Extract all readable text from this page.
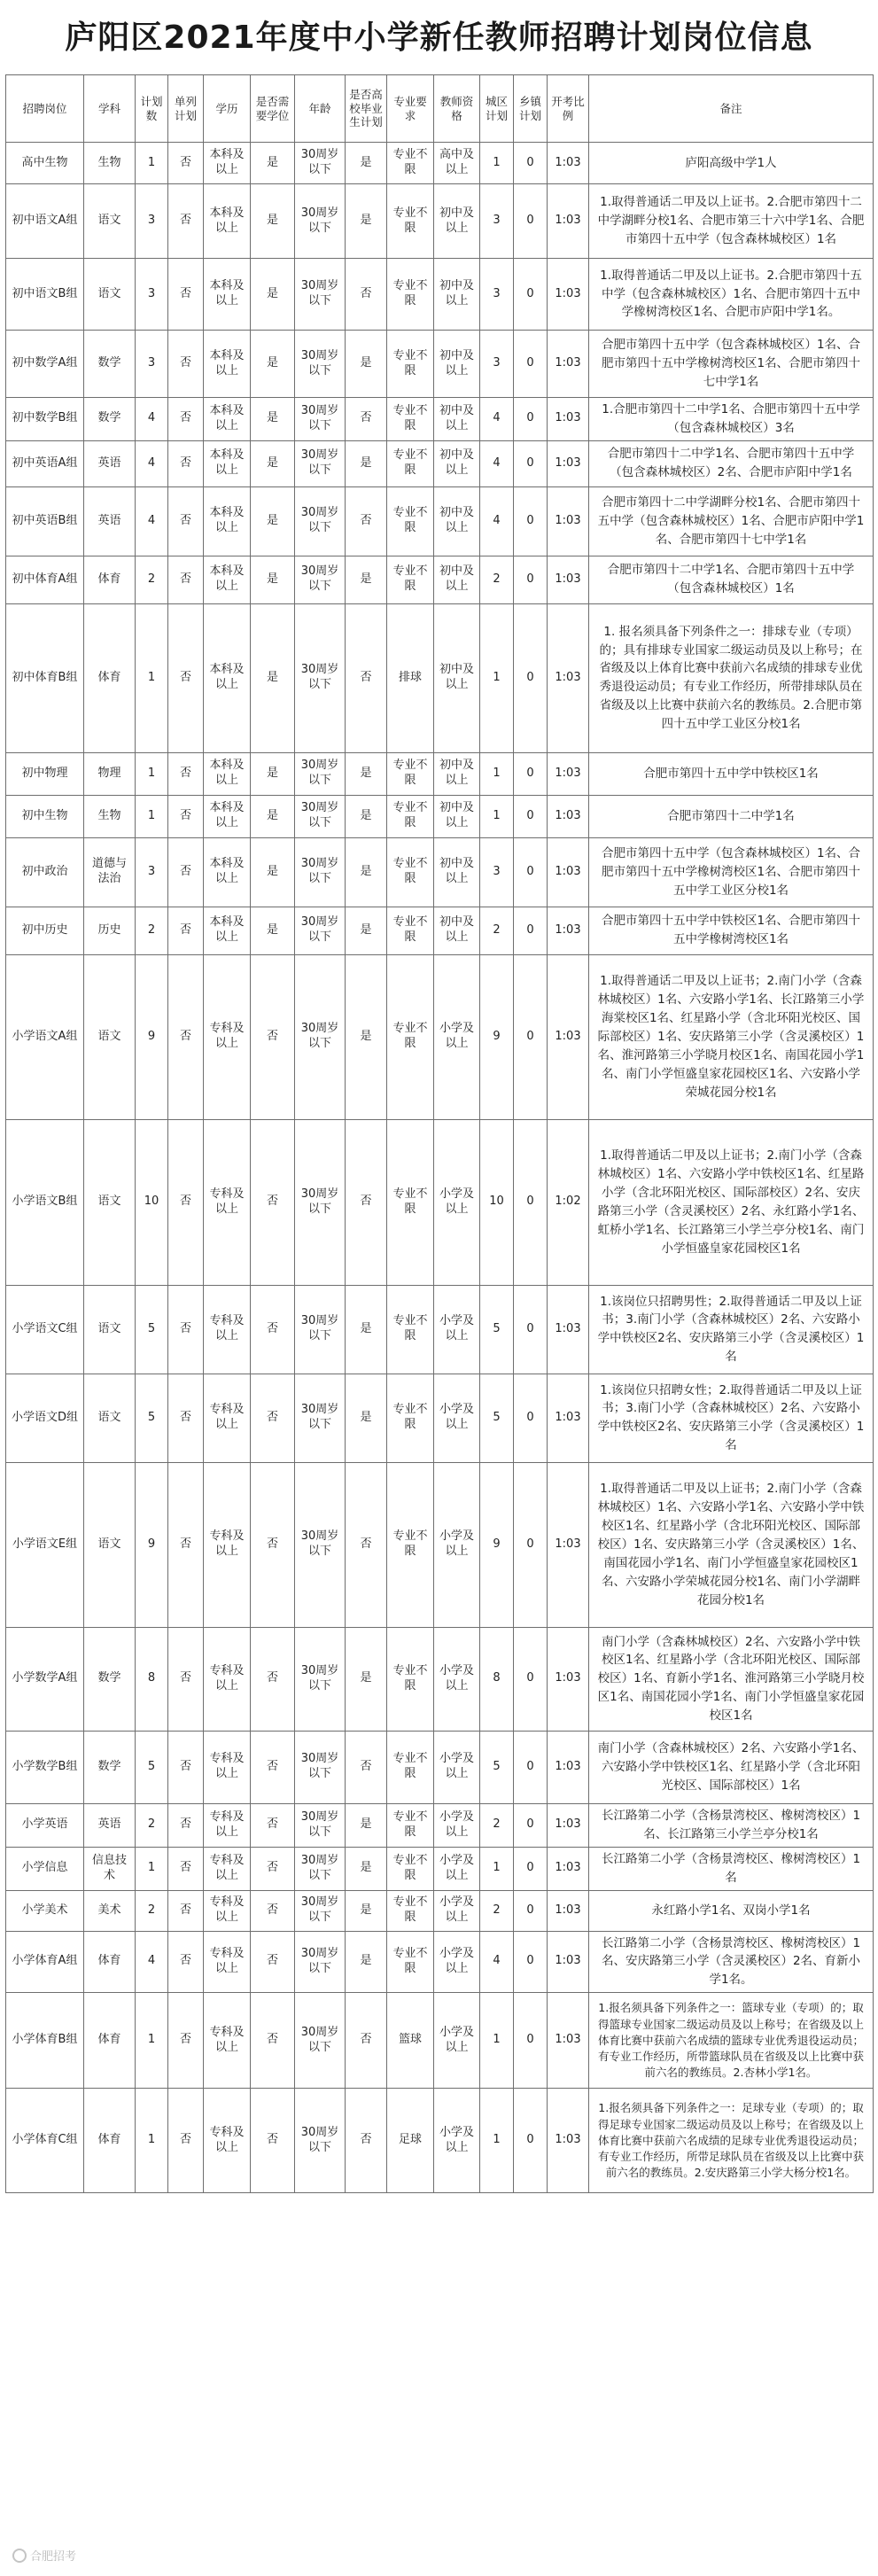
庐阳区2021年度中小学新任教师招聘计划岗位信息
招聘岗位	学科	计划数	单列计划	学历	是否需要学位	年龄	是否高校毕业生计划	专业要求	教师资格	城区计划	乡镇计划	开考比例	备注
高中生物	生物	1	否	本科及以上	是	30周岁以下	是	专业不限	高中及以上	1	0	1:03	庐阳高级中学1人
初中语文A组	语文	3	否	本科及以上	是	30周岁以下	是	专业不限	初中及以上	3	0	1:03	1.取得普通话二甲及以上证书。2.合肥市第四十二中学湖畔分校1名、合肥市第三十六中学1名、合肥市第四十五中学（包含森林城校区）1名
初中语文B组	语文	3	否	本科及以上	是	30周岁以下	否	专业不限	初中及以上	3	0	1:03	1.取得普通话二甲及以上证书。2.合肥市第四十五中学（包含森林城校区）1名、合肥市第四十五中学橡树湾校区1名、合肥市庐阳中学1名。
初中数学A组	数学	3	否	本科及以上	是	30周岁以下	是	专业不限	初中及以上	3	0	1:03	合肥市第四十五中学（包含森林城校区）1名、合肥市第四十五中学橡树湾校区1名、合肥市第四十七中学1名
初中数学B组	数学	4	否	本科及以上	是	30周岁以下	否	专业不限	初中及以上	4	0	1:03	1.合肥市第四十二中学1名、合肥市第四十五中学（包含森林城校区）3名
初中英语A组	英语	4	否	本科及以上	是	30周岁以下	是	专业不限	初中及以上	4	0	1:03	合肥市第四十二中学1名、合肥市第四十五中学（包含森林城校区）2名、合肥市庐阳中学1名
初中英语B组	英语	4	否	本科及以上	是	30周岁以下	否	专业不限	初中及以上	4	0	1:03	合肥市第四十二中学湖畔分校1名、合肥市第四十五中学（包含森林城校区）1名、合肥市庐阳中学1名、合肥市第四十七中学1名
初中体育A组	体育	2	否	本科及以上	是	30周岁以下	是	专业不限	初中及以上	2	0	1:03	合肥市第四十二中学1名、合肥市第四十五中学（包含森林城校区）1名
初中体育B组	体育	1	否	本科及以上	是	30周岁以下	否	排球	初中及以上	1	0	1:03	1. 报名须具备下列条件之一：排球专业（专项）的；具有排球专业国家二级运动员及以上称号；在省级及以上体育比赛中获前六名成绩的排球专业优秀退役运动员；有专业工作经历，所带排球队员在省级及以上比赛中获前六名的教练员。2.合肥市第四十五中学工业区分校1名
初中物理	物理	1	否	本科及以上	是	30周岁以下	是	专业不限	初中及以上	1	0	1:03	合肥市第四十五中学中铁校区1名
初中生物	生物	1	否	本科及以上	是	30周岁以下	是	专业不限	初中及以上	1	0	1:03	合肥市第四十二中学1名
初中政治	道德与法治	3	否	本科及以上	是	30周岁以下	是	专业不限	初中及以上	3	0	1:03	合肥市第四十五中学（包含森林城校区）1名、合肥市第四十五中学橡树湾校区1名、合肥市第四十五中学工业区分校1名
初中历史	历史	2	否	本科及以上	是	30周岁以下	是	专业不限	初中及以上	2	0	1:03	合肥市第四十五中学中铁校区1名、合肥市第四十五中学橡树湾校区1名
小学语文A组	语文	9	否	专科及以上	否	30周岁以下	是	专业不限	小学及以上	9	0	1:03	1.取得普通话二甲及以上证书；2.南门小学（含森林城校区）1名、六安路小学1名、长江路第三小学海棠校区1名、红星路小学（含北环阳光校区、国际部校区）1名、安庆路第三小学（含灵溪校区）1名、淮河路第三小学晓月校区1名、南国花园小学1名、南门小学恒盛皇家花园校区1名、六安路小学荣城花园分校1名
小学语文B组	语文	10	否	专科及以上	否	30周岁以下	否	专业不限	小学及以上	10	0	1:02	1.取得普通话二甲及以上证书；2.南门小学（含森林城校区）1名、六安路小学中铁校区1名、红星路小学（含北环阳光校区、国际部校区）2名、安庆路第三小学（含灵溪校区）2名、永红路小学1名、虹桥小学1名、长江路第三小学兰亭分校1名、南门小学恒盛皇家花园校区1名
小学语文C组	语文	5	否	专科及以上	否	30周岁以下	是	专业不限	小学及以上	5	0	1:03	1.该岗位只招聘男性；2.取得普通话二甲及以上证书；3.南门小学（含森林城校区）2名、六安路小学中铁校区2名、安庆路第三小学（含灵溪校区）1名
小学语文D组	语文	5	否	专科及以上	否	30周岁以下	是	专业不限	小学及以上	5	0	1:03	1.该岗位只招聘女性；2.取得普通话二甲及以上证书；3.南门小学（含森林城校区）2名、六安路小学中铁校区2名、安庆路第三小学（含灵溪校区）1名
小学语文E组	语文	9	否	专科及以上	否	30周岁以下	否	专业不限	小学及以上	9	0	1:03	1.取得普通话二甲及以上证书；2.南门小学（含森林城校区）1名、六安路小学1名、六安路小学中铁校区1名、红星路小学（含北环阳光校区、国际部校区）1名、安庆路第三小学（含灵溪校区）1名、南国花园小学1名、南门小学恒盛皇家花园校区1名、六安路小学荣城花园分校1名、南门小学湖畔花园分校1名
小学数学A组	数学	8	否	专科及以上	否	30周岁以下	是	专业不限	小学及以上	8	0	1:03	南门小学（含森林城校区）2名、六安路小学中铁校区1名、红星路小学（含北环阳光校区、国际部校区）1名、育新小学1名、淮河路第三小学晓月校区1名、南国花园小学1名、南门小学恒盛皇家花园校区1名
小学数学B组	数学	5	否	专科及以上	否	30周岁以下	否	专业不限	小学及以上	5	0	1:03	南门小学（含森林城校区）2名、六安路小学1名、六安路小学中铁校区1名、红星路小学（含北环阳光校区、国际部校区）1名
小学英语	英语	2	否	专科及以上	否	30周岁以下	是	专业不限	小学及以上	2	0	1:03	长江路第二小学（含杨景湾校区、橡树湾校区）1名、长江路第三小学兰亭分校1名
小学信息	信息技术	1	否	专科及以上	否	30周岁以下	是	专业不限	小学及以上	1	0	1:03	长江路第二小学（含杨景湾校区、橡树湾校区）1名
小学美术	美术	2	否	专科及以上	否	30周岁以下	是	专业不限	小学及以上	2	0	1:03	永红路小学1名、双岗小学1名
小学体育A组	体育	4	否	专科及以上	否	30周岁以下	是	专业不限	小学及以上	4	0	1:03	长江路第二小学（含杨景湾校区、橡树湾校区）1名、安庆路第三小学（含灵溪校区）2名、育新小学1名。
小学体育B组	体育	1	否	专科及以上	否	30周岁以下	否	篮球	小学及以上	1	0	1:03	1.报名须具备下列条件之一：篮球专业（专项）的；取得篮球专业国家二级运动员及以上称号；在省级及以上体育比赛中获前六名成绩的篮球专业优秀退役运动员；有专业工作经历，所带篮球队员在省级及以上比赛中获前六名的教练员。2.杏林小学1名。
小学体育C组	体育	1	否	专科及以上	否	30周岁以下	否	足球	小学及以上	1	0	1:03	1.报名须具备下列条件之一：足球专业（专项）的；取得足球专业国家二级运动员及以上称号；在省级及以上体育比赛中获前六名成绩的足球专业优秀退役运动员；有专业工作经历，所带足球队员在省级及以上比赛中获前六名的教练员。2.安庆路第三小学大杨分校1名。
合肥招考
